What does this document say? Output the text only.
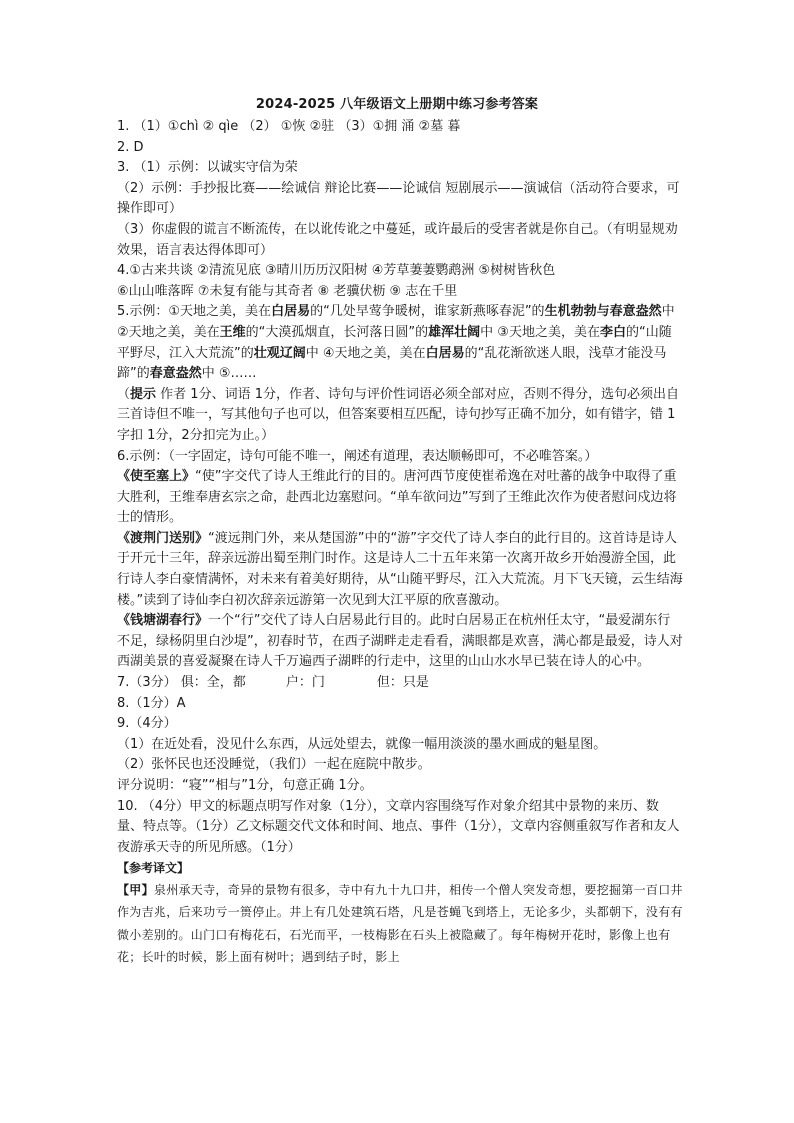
2024-2025 八年级语文上册期中练习参考答案

1. （1）①chì ② qìe （2） ①恢 ②驻 （3）①拥 涌 ②墓 暮

2. D

3. （1）示例：以诚实守信为荣

（2）示例：手抄报比赛——绘诚信 辩论比赛——论诚信 短剧展示——演诚信（活动符合要求，可操作即可）

（3）你虚假的谎言不断流传，在以讹传讹之中蔓延，或许最后的受害者就是你自己。（有明显规劝效果，语言表达得体即可）

4.①古来共谈 ②清流见底 ③晴川历历汉阳树 ④芳草萋萋鹦鹉洲 ⑤树树皆秋色

⑥山山唯落晖 ⑦未复有能与其奇者 ⑧ 老骥伏枥 ⑨ 志在千里

5.示例：①天地之美，美在白居易的“几处早莺争暖树，谁家新燕啄春泥”的生机勃勃与春意盎然中 ②天地之美，美在王维的“大漠孤烟直，长河落日圆”的雄浑壮阔中 ③天地之美，美在李白的“山随平野尽，江入大荒流”的壮观辽阔中 ④天地之美，美在白居易的“乱花渐欲迷人眼，浅草才能没马蹄”的春意盎然中 ⑤……

（提示 作者 1分、词语 1分，作者、诗句与评价性词语必须全部对应，否则不得分，选句必须出自三首诗但不唯一，写其他句子也可以，但答案要相互匹配，诗句抄写正确不加分，如有错字，错 1字扣 1分，2分扣完为止。）

6.示例：（一字固定，诗句可能不唯一，阐述有道理，表达顺畅即可，不必唯答案。）

《使至塞上》“使”字交代了诗人王维此行的目的。唐河西节度使崔希逸在对吐蕃的战争中取得了重大胜利，王维奉唐玄宗之命，赴西北边塞慰问。“单车欲问边”写到了王维此次作为使者慰问戍边将士的情形。

《渡荆门送别》“渡远荆门外，来从楚国游”中的“游”字交代了诗人李白的此行目的。这首诗是诗人于开元十三年，辞亲远游出蜀至荆门时作。这是诗人二十五年来第一次离开故乡开始漫游全国，此行诗人李白豪情满怀，对未来有着美好期待，从“山随平野尽，江入大荒流。月下飞天镜，云生结海楼。”读到了诗仙李白初次辞亲远游第一次见到大江平原的欣喜激动。

《钱塘湖春行》一个“行”交代了诗人白居易此行目的。此时白居易正在杭州任太守，“最爱湖东行不足，绿杨阴里白沙堤”，初春时节，在西子湖畔走走看看，满眼都是欢喜，满心都是最爱，诗人对西湖美景的喜爱凝聚在诗人千万遍西子湖畔的行走中，这里的山山水水早已装在诗人的心中。

7.（3分） 俱：全，都	户：门	但：只是

8.（1分）A

9.（4分）

（1）在近处看，没见什么东西，从远处望去，就像一幅用淡淡的墨水画成的魁星图。

（2）张怀民也还没睡觉，（我们）一起在庭院中散步。

评分说明：“寝”“相与”1分，句意正确 1分。

10. （4分）甲文的标题点明写作对象（1分），文章内容围绕写作对象介绍其中景物的来历、数量、特点等。（1分）乙文标题交代文体和时间、地点、事件（1分），文章内容侧重叙写作者和友人夜游承天寺的所见所感。（1分）

【参考译文】

【甲】泉州承天寺，奇异的景物有很多，寺中有九十九口井，相传一个僧人突发奇想，要挖掘第一百口井作为吉兆，后来功亏一篑停止。井上有几处建筑石塔，凡是苍蝇飞到塔上，无论多少，头都朝下，没有有微小差别的。山门口有梅花石，石光而平，一枝梅影在石头上被隐藏了。每年梅树开花时，影像上也有花；长叶的时候，影上面有树叶；遇到结子时，影上
